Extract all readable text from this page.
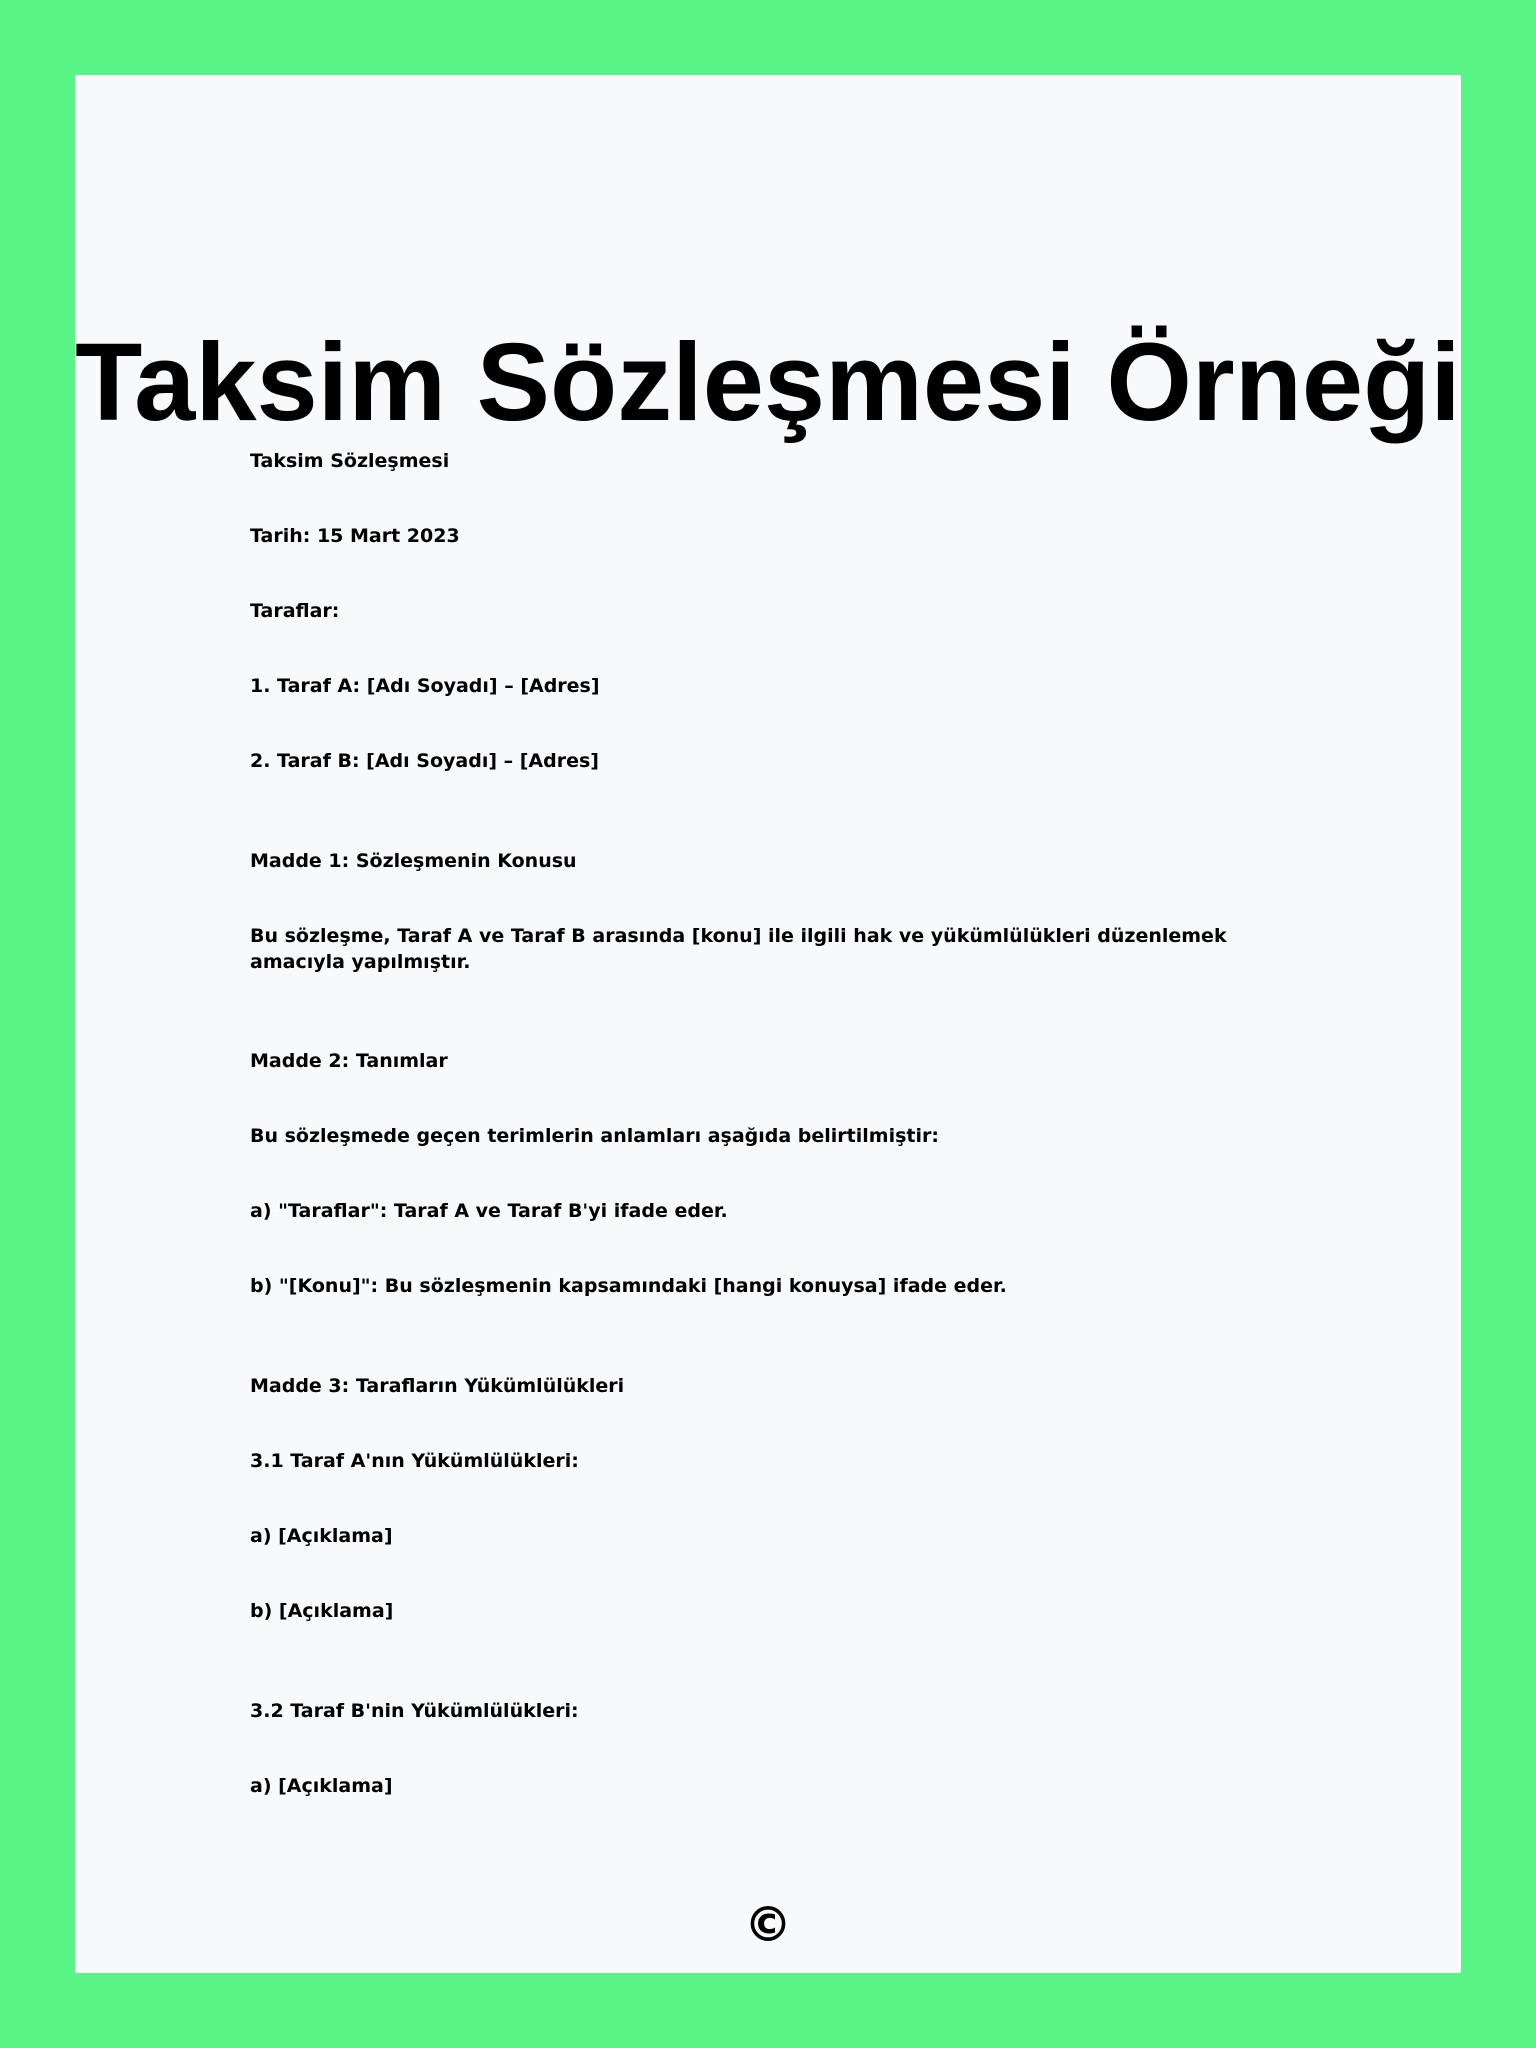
Taksim Sözleşmesi Örneği

Taksim Sözleşmesi

Tarih: 15 Mart 2023

Taraflar:

1. Taraf A: [Adı Soyadı] – [Adres]

2. Taraf B: [Adı Soyadı] – [Adres]

Madde 1: Sözleşmenin Konusu

Bu sözleşme, Taraf A ve Taraf B arasında [konu] ile ilgili hak ve yükümlülükleri düzenlemek amacıyla yapılmıştır.

Madde 2: Tanımlar

Bu sözleşmede geçen terimlerin anlamları aşağıda belirtilmiştir:

a) "Taraflar": Taraf A ve Taraf B'yi ifade eder.

b) "[Konu]": Bu sözleşmenin kapsamındaki [hangi konuysa] ifade eder.

Madde 3: Tarafların Yükümlülükleri

3.1 Taraf A'nın Yükümlülükleri:

a) [Açıklama]

b) [Açıklama]

3.2 Taraf B'nin Yükümlülükleri:

a) [Açıklama]

©
